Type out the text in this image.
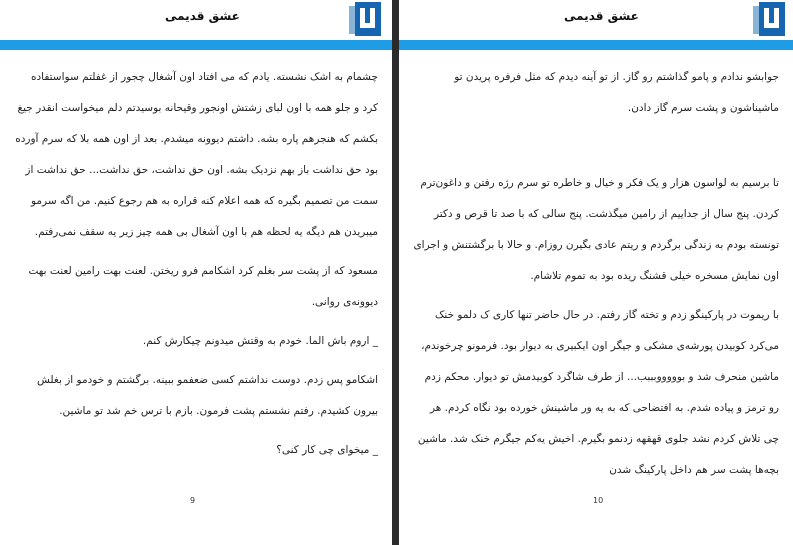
عشق قدیمی

چشمام به اشک نشسته. یادم که می افتاد اون آشغال چجور از غفلتم سواستفاده کرد و جلو همه با اون لبای زشتش اونجور وقیحانه بوسیدتم دلم میخواست انقدر جیغ بکشم که هنجرهم پاره بشه. داشتم دیوونه میشدم. بعد از اون همه بلا که سرم آورده بود حق نداشت باز بهم نزدیک بشه. اون حق نداشت، حق نداشت... حق نداشت از سمت من تصمیم بگیره که همه اعلام کنه قراره به هم رجوع کنیم. من اگه سرمو میبریدن هم دیگه یه لحظه هم با اون آشغال بی همه چیز زیر یه سقف نمی‌رفتم.

مسعود که از پشت سر بغلم کرد اشکامم فرو ریختن. لعنت بهت رامین لعنت بهت دیوونه‌ی روانی.

_ اروم باش الما. خودم به وقتش میدونم چیکارش کنم.

اشکامو پس زدم. دوست نداشتم کسی ضعفمو ببینه. برگشتم و خودمو از بغلش بیرون کشیدم. رفتم نشستم پشت فرمون. بازم با ترس خم شد تو ماشین.

_ میخوای چی کار کنی؟

9
عشق قدیمی

جوابشو ندادم و پامو گذاشتم رو گاز. از تو آینه دیدم که مثل فرفره پریدن تو ماشیناشون و پشت سرم گاز دادن.

تا برسیم به لواسون هزار و یک فکر و خیال و خاطره تو سرم رژه رفتن و داغون‌ترم کردن. پنج سال از جداییم از رامین میگذشت. پنج سالی که با صد تا قرص و دکتر تونسته بودم به زندگی برگردم و ریتم عادی بگیرن روزام. و حالا با برگشتنش و اجرای اون نمایش مسخره خیلی قشنگ ریده بود به تموم تلاشام.

با ریموت در پارکینگو زدم و تخته گاز رفتم. در حال حاضر تنها کاری ک دلمو خنک می‌کرد کوبیدن پورشه‌ی مشکی و جیگر اون ایکبیری به دیوار بود. فرمونو چرخوندم، ماشین منحرف شد و بوووووبببب... از طرف شاگرد کوبیدمش تو دیوار. محکم زدم رو ترمز و پیاده شدم. به افتضاحی که به یه ور ماشینش خورده بود نگاه کردم. هر چی تلاش کردم نشد جلوی قهقهه زدنمو بگیرم. اخیش یه‌کم جیگرم خنک شد. ماشین بچه‌ها پشت سر هم داخل پارکینگ شدن

10
